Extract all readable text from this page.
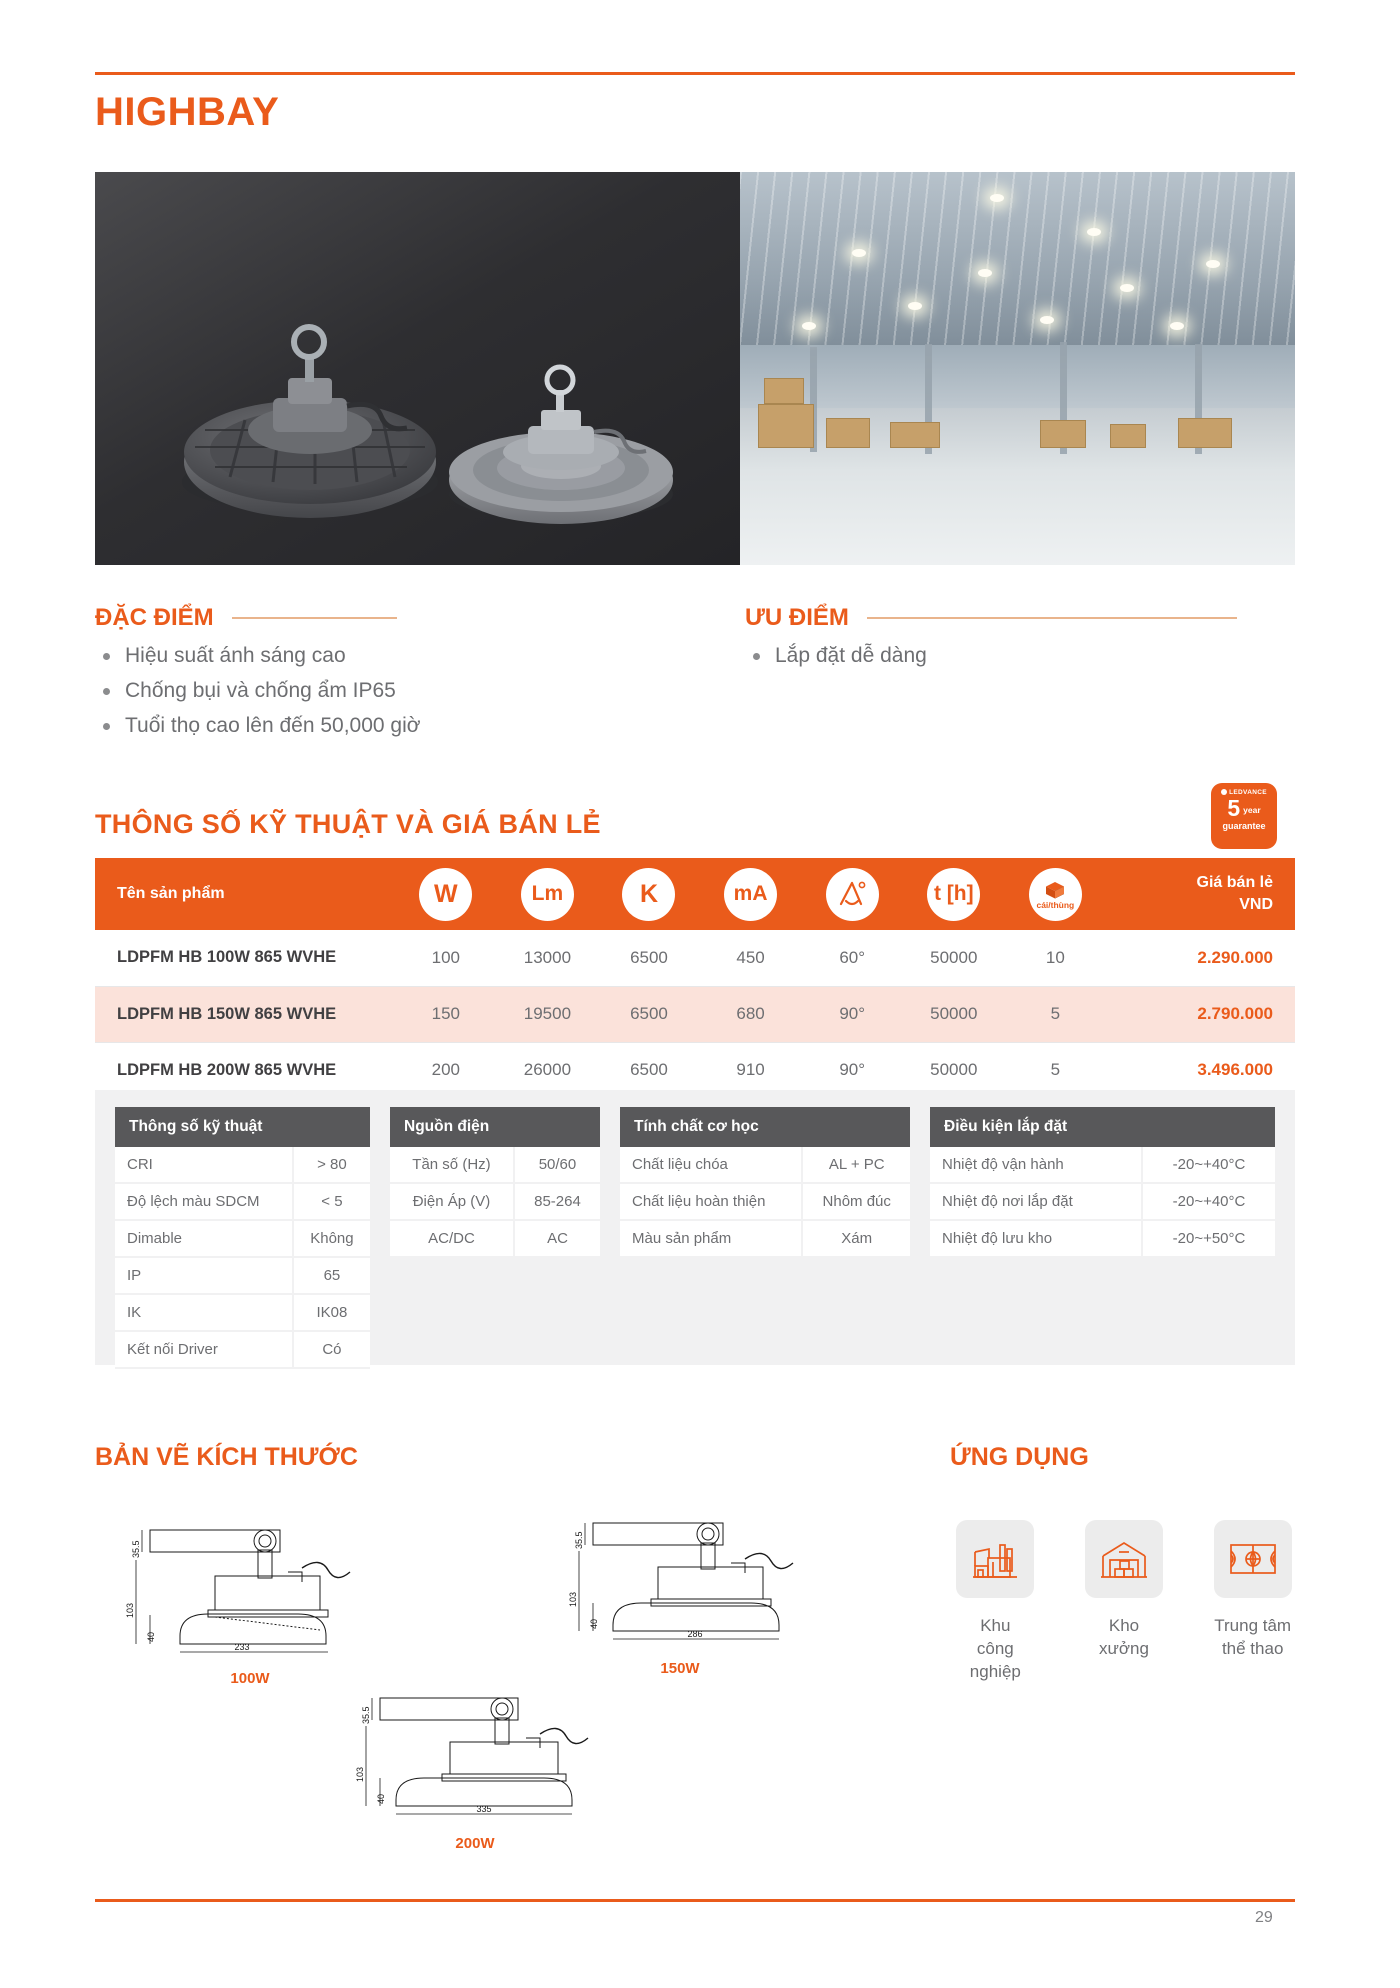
HIGHBAY
ĐẶC ĐIỂM
Hiệu suất ánh sáng cao
Chống bụi và chống ẩm IP65
Tuổi thọ cao lên đến 50,000 giờ
ƯU ĐIỂM
Lắp đặt dễ dàng
THÔNG SỐ KỸ THUẬT VÀ GIÁ BÁN LẺ
LEDVANCE
5 year
guarantee
Tên sản phẩm	W	Lm	K	mA		t [h]	cái/thùng	Giá bán lẻ
VND
LDPFM HB 100W 865 WVHE	100	13000	6500	450	60°	50000	10	2.290.000
LDPFM HB 150W 865 WVHE	150	19500	6500	680	90°	50000	5	2.790.000
LDPFM HB 200W 865 WVHE	200	26000	6500	910	90°	50000	5	3.496.000
Thông số kỹ thuật
CRI	> 80
Độ lệch màu SDCM	< 5
Dimable	Không
IP	65
IK	IK08
Kết nối Driver	Có
Nguồn điện
Tần số (Hz)	50/60
Điện Áp (V)	85-264
AC/DC	AC
Tính chất cơ học
Chất liệu chóa	AL + PC
Chất liệu hoàn thiện	Nhôm đúc
Màu sản phẩm	Xám
Điều kiện lắp đặt
Nhiệt độ vận hành	-20~+40°C
Nhiệt độ nơi lắp đặt	-20~+40°C
Nhiệt độ lưu kho	-20~+50°C
BẢN VẼ KÍCH THƯỚC
35.5
103
40
233
100W
35.5
103
40
286
150W
35.5
103
40
335
200W
ỨNG DỤNG
Khu
công
nghiệp
Kho
xưởng
Trung tâm
thể thao
29
